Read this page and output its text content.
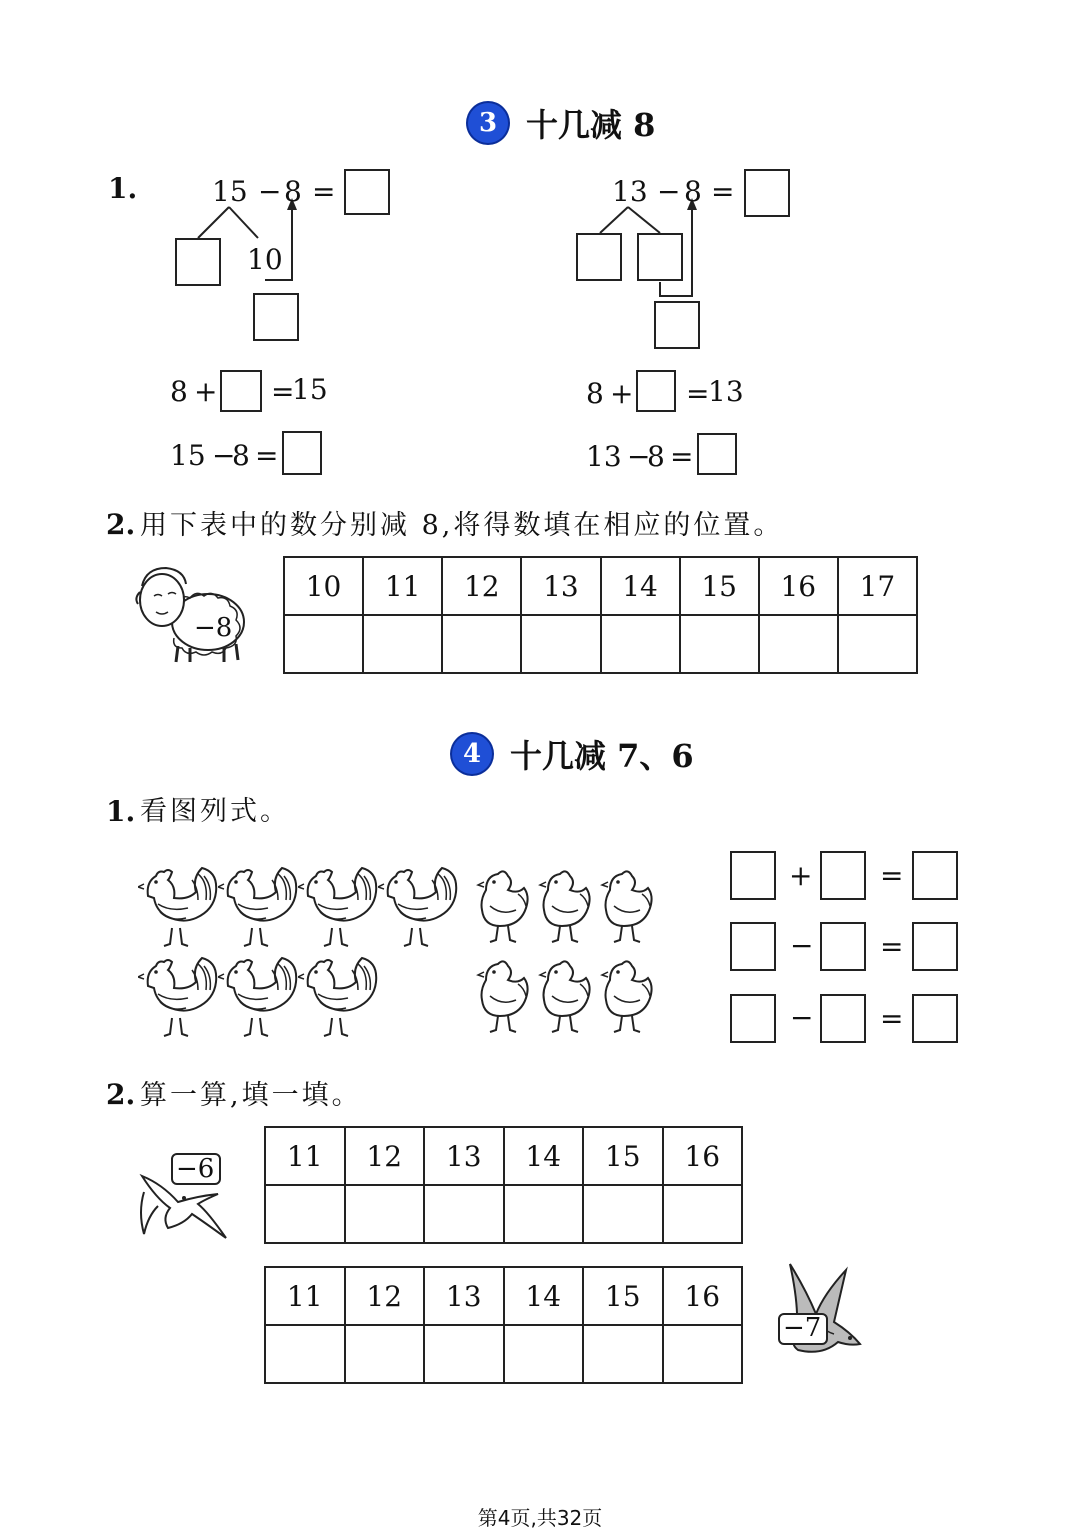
3 十几减 8
1.	15 − 8 =
10
13 − 8 =
8 + =
15
15 −
8 =
8 + =
13
13 −
8 =
2. 用下表中的数分别减 8,将得数填在相应的位置。
−8
10	11	12	13	14	15	16	17

4 十几减 7、6
1. 看图列式。
+ =
− =
− =
2. 算一算,填一填。
−6	11	12	13	14	15	16

11	12	13	14	15	16

−7
第4页,共32页
